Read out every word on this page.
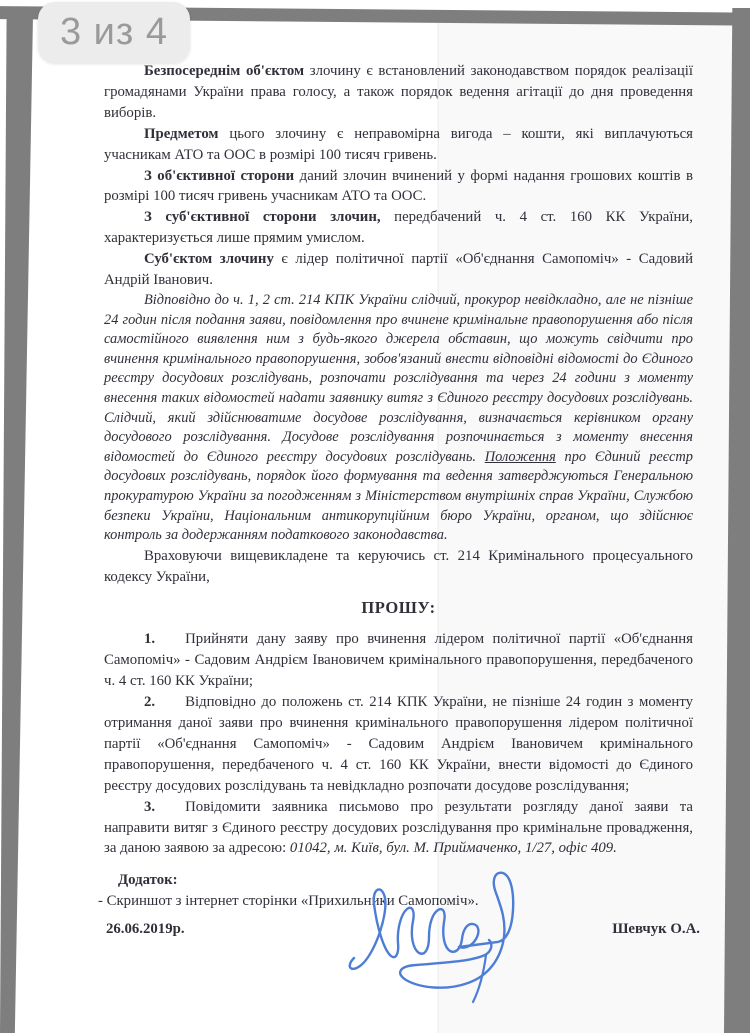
3 из 4

Безпосереднім об'єктом злочину є встановлений законодавством порядок реалізації громадянами України права голосу, а також порядок ведення агітації до дня проведення виборів.

Предметом цього злочину є неправомірна вигода – кошти, які виплачуються учасникам АТО та ООС в розмірі 100 тисяч гривень.

З об'єктивної сторони даний злочин вчинений у формі надання грошових коштів в розмірі 100 тисяч гривень учасникам АТО та ООС.

З суб'єктивної сторони злочин, передбачений ч. 4 ст. 160 КК України, характеризується лише прямим умислом.

Суб'єктом злочину є лідер політичної партії «Об'єднання Самопоміч» - Садовий Андрій Іванович.

Відповідно до ч. 1, 2 ст. 214 КПК України слідчий, прокурор невідкладно, але не пізніше 24 годин після подання заяви, повідомлення про вчинене кримінальне правопорушення або після самостійного виявлення ним з будь-якого джерела обставин, що можуть свідчити про вчинення кримінального правопорушення, зобов'язаний внести відповідні відомості до Єдиного реєстру досудових розслідувань, розпочати розслідування та через 24 години з моменту внесення таких відомостей надати заявнику витяг з Єдиного реєстру досудових розслідувань. Слідчий, який здійснюватиме досудове розслідування, визначається керівником органу досудового розслідування. Досудове розслідування розпочинається з моменту внесення відомостей до Єдиного реєстру досудових розслідувань. Положення про Єдиний реєстр досудових розслідувань, порядок його формування та ведення затверджуються Генеральною прокуратурою України за погодженням з Міністерством внутрішніх справ України, Службою безпеки України, Національним антикорупційним бюро України, органом, що здійснює контроль за додержанням податкового законодавства.

Враховуючи вищевикладене та керуючись ст. 214 Кримінального процесуального кодексу України,

ПРОШУ:

1. Прийняти дану заяву про вчинення лідером політичної партії «Об'єднання Самопоміч» - Садовим Андрієм Івановичем кримінального правопорушення, передбаченого ч. 4 ст. 160 КК України;

2. Відповідно до положень ст. 214 КПК України, не пізніше 24 годин з моменту отримання даної заяви про вчинення кримінального правопорушення лідером політичної партії «Об'єднання Самопоміч» - Садовим Андрієм Івановичем кримінального правопорушення, передбаченого ч. 4 ст. 160 КК України, внести відомості до Єдиного реєстру досудових розслідувань та невідкладно розпочати досудове розслідування;

3. Повідомити заявника письмово про результати розгляду даної заяви та направити витяг з Єдиного реєстру досудових розслідування про кримінальне провадження, за даною заявою за адресою: 01042, м. Київ, бул. М. Приймаченко, 1/27, офіс 409.

Додаток:

- Скриншот з інтернет сторінки «Прихильники Самопоміч».

26.06.2019р.	Шевчук О.А.
